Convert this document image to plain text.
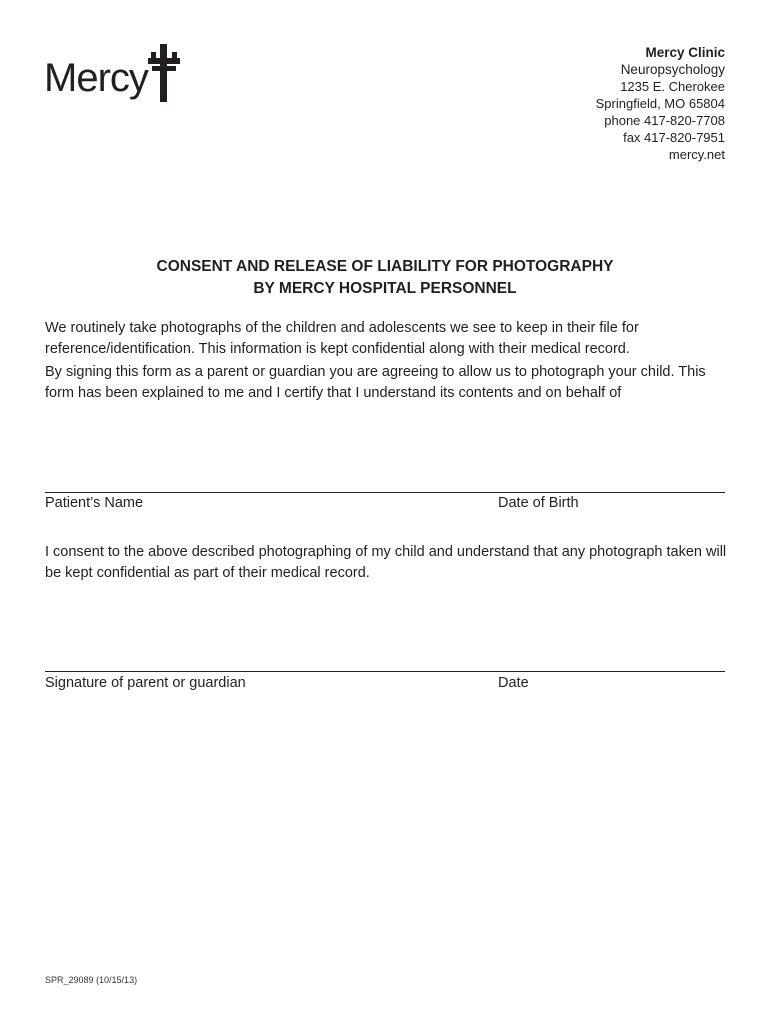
Mercy
Mercy Clinic
Neuropsychology
1235 E. Cherokee
Springfield, MO 65804
phone 417-820-7708
fax 417-820-7951
mercy.net
CONSENT AND RELEASE OF LIABILITY FOR PHOTOGRAPHY
BY MERCY HOSPITAL PERSONNEL
We routinely take photographs of the children and adolescents we see to keep in their file for reference/identification. This information is kept confidential along with their medical record.
By signing this form as a parent or guardian you are agreeing to allow us to photograph your child. This form has been explained to me and I certify that I understand its contents and on behalf of
Patient’s Name	Date of Birth
I consent to the above described photographing of my child and understand that any photograph taken will be kept confidential as part of their medical record.
Signature of parent or guardian	Date
SPR_29089 (10/15/13)
